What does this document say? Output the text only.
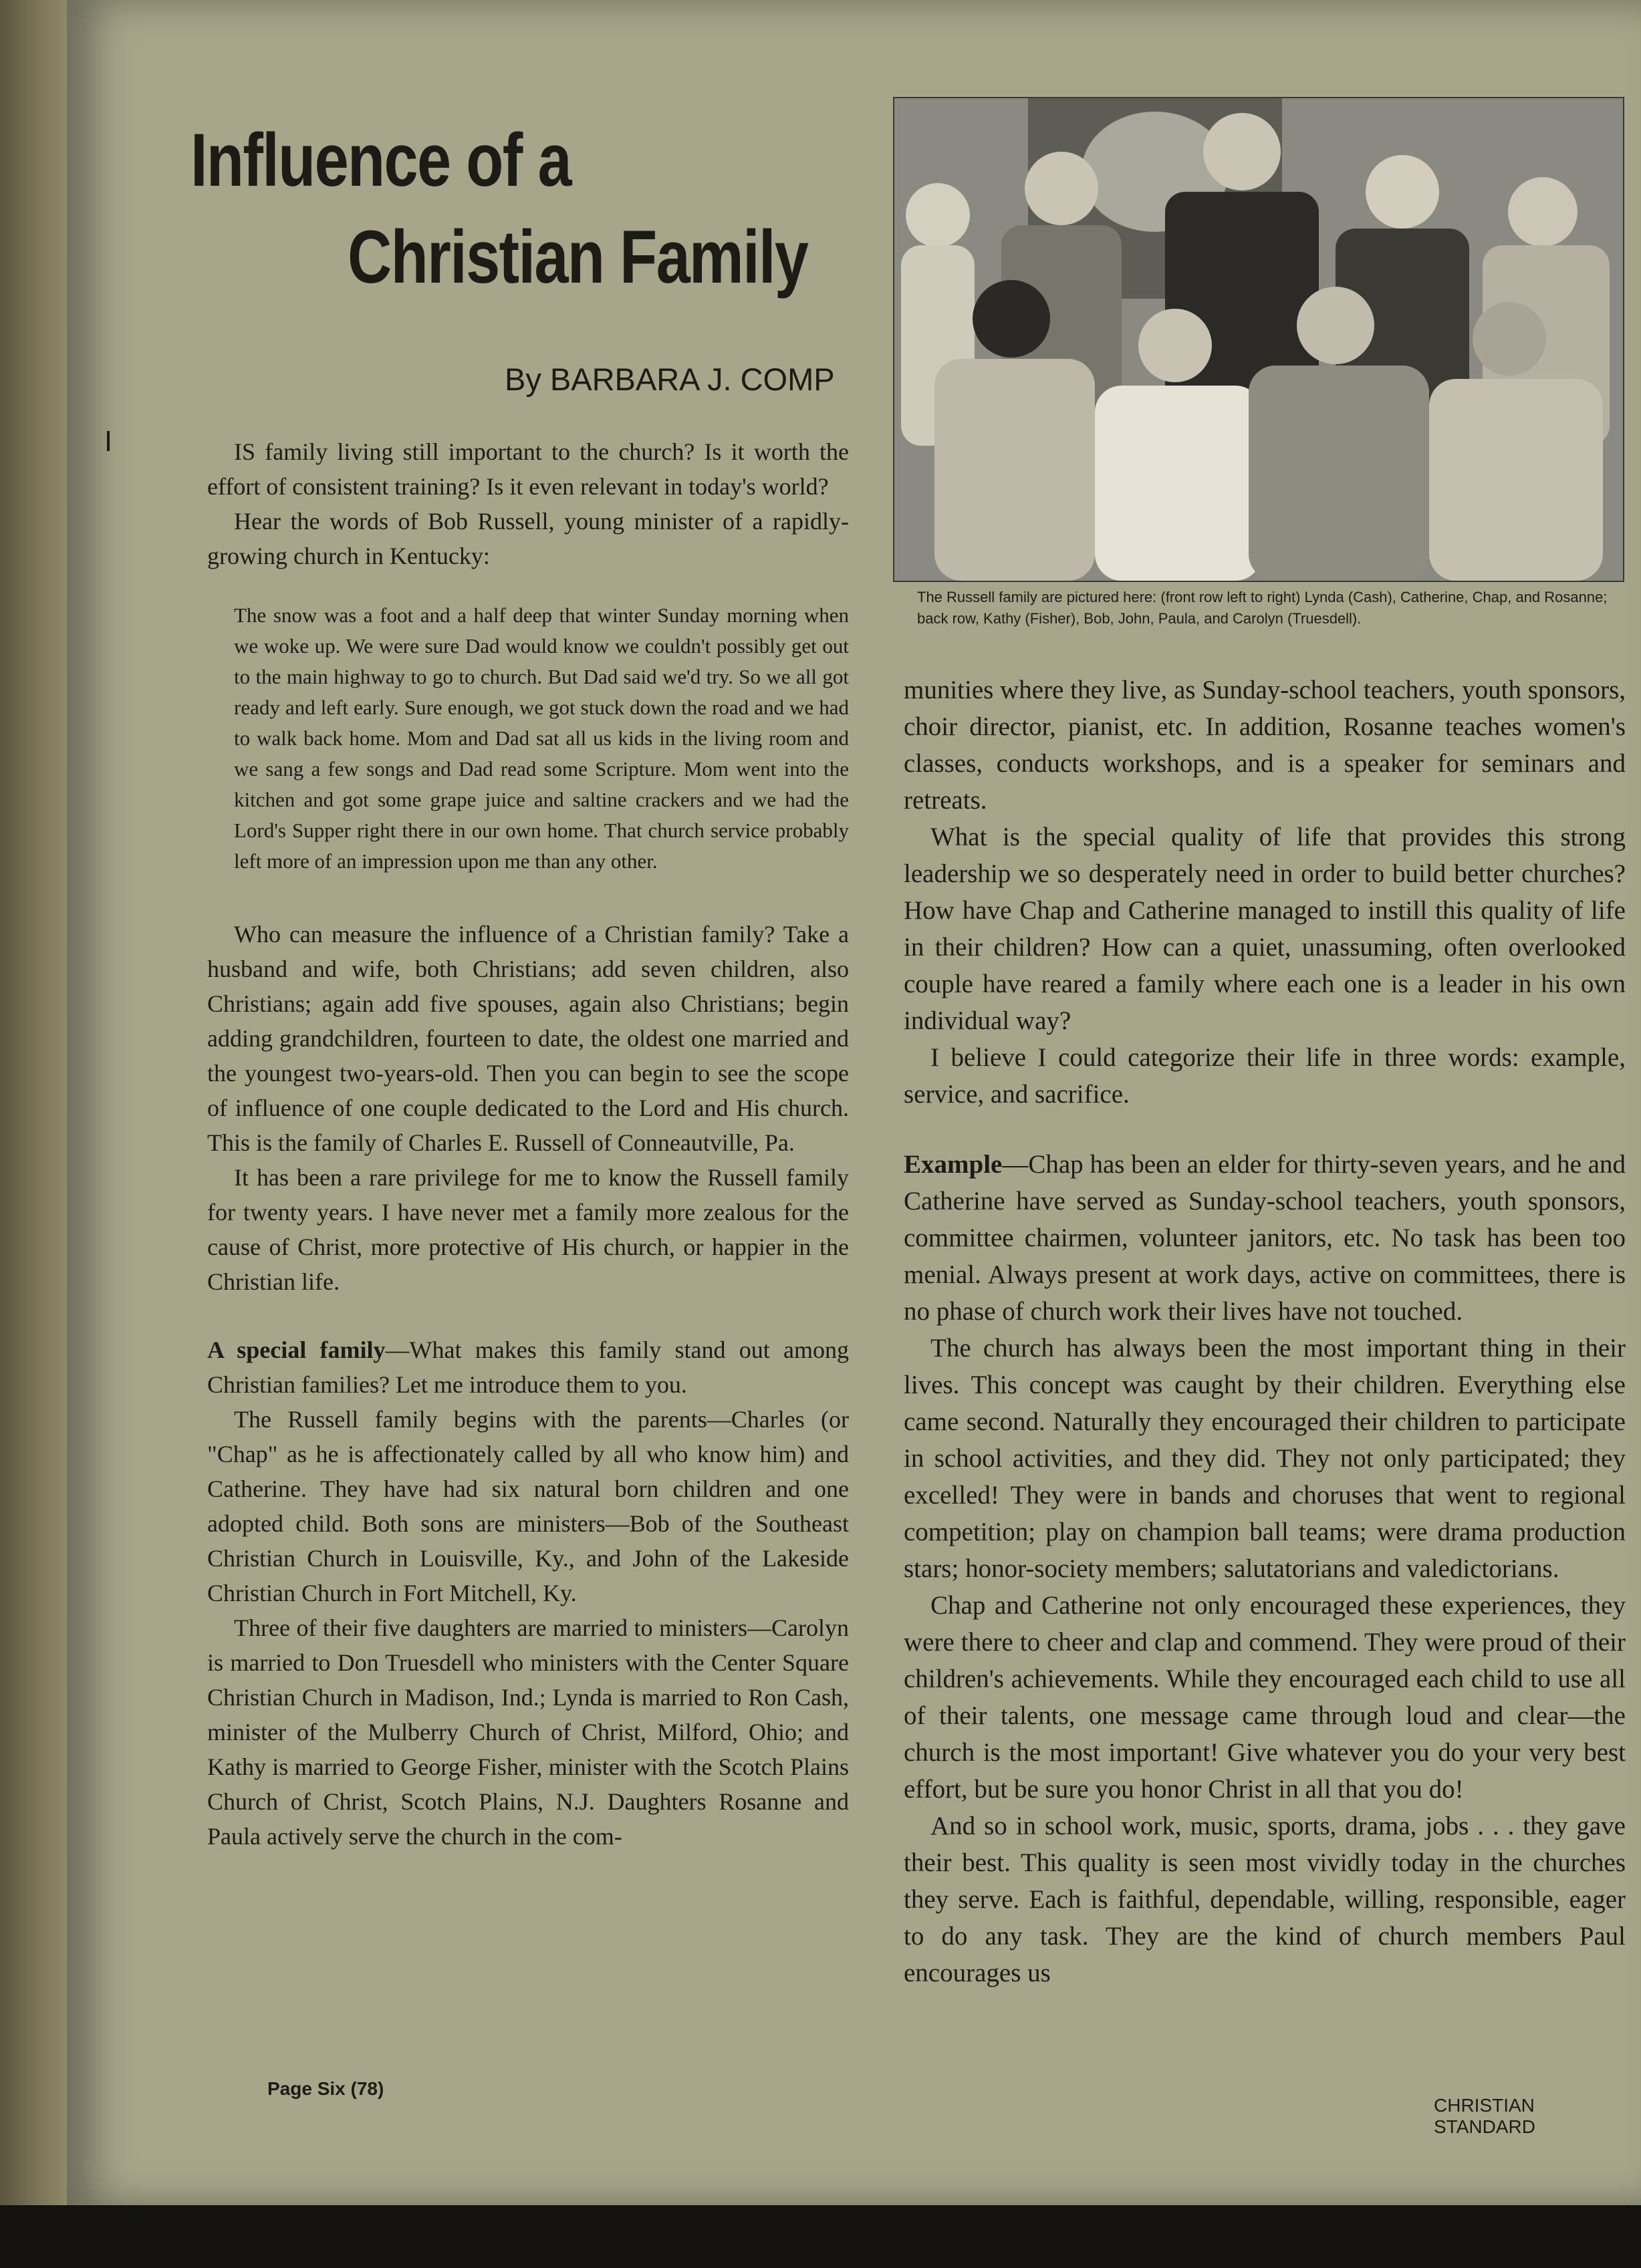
Influence of a
Christian Family
By BARBARA J. COMP

IS family living still important to the church? Is it worth the effort of consistent training? Is it even relevant in today's world?

Hear the words of Bob Russell, young minister of a rapidly-growing church in Kentucky:

The snow was a foot and a half deep that winter Sunday morning when we woke up. We were sure Dad would know we couldn't possibly get out to the main highway to go to church. But Dad said we'd try. So we all got ready and left early. Sure enough, we got stuck down the road and we had to walk back home. Mom and Dad sat all us kids in the living room and we sang a few songs and Dad read some Scripture. Mom went into the kitchen and got some grape juice and saltine crackers and we had the Lord's Supper right there in our own home. That church service probably left more of an impression upon me than any other.

Who can measure the influence of a Christian family? Take a husband and wife, both Christians; add seven children, also Christians; again add five spouses, again also Christians; begin adding grandchildren, fourteen to date, the oldest one married and the youngest two-years-old. Then you can begin to see the scope of influence of one couple dedicated to the Lord and His church. This is the family of Charles E. Russell of Conneautville, Pa.

It has been a rare privilege for me to know the Russell family for twenty years. I have never met a family more zealous for the cause of Christ, more protective of His church, or happier in the Christian life.

A special family—What makes this family stand out among Christian families? Let me introduce them to you.

The Russell family begins with the parents—Charles (or "Chap" as he is affectionately called by all who know him) and Catherine. They have had six natural born children and one adopted child. Both sons are ministers—Bob of the Southeast Christian Church in Louisville, Ky., and John of the Lakeside Christian Church in Fort Mitchell, Ky.

Three of their five daughters are married to ministers—Carolyn is married to Don Truesdell who ministers with the Center Square Christian Church in Madison, Ind.; Lynda is married to Ron Cash, minister of the Mulberry Church of Christ, Milford, Ohio; and Kathy is married to George Fisher, minister with the Scotch Plains Church of Christ, Scotch Plains, N.J. Daughters Rosanne and Paula actively serve the church in the com-

The Russell family are pictured here: (front row left to right) Lynda (Cash), Catherine, Chap, and Rosanne; back row, Kathy (Fisher), Bob, John, Paula, and Carolyn (Truesdell).

munities where they live, as Sunday-school teachers, youth sponsors, choir director, pianist, etc. In addition, Rosanne teaches women's classes, conducts workshops, and is a speaker for seminars and retreats.

What is the special quality of life that provides this strong leadership we so desperately need in order to build better churches? How have Chap and Catherine managed to instill this quality of life in their children? How can a quiet, unassuming, often overlooked couple have reared a family where each one is a leader in his own individual way?

I believe I could categorize their life in three words: example, service, and sacrifice.

Example—Chap has been an elder for thirty-seven years, and he and Catherine have served as Sunday-school teachers, youth sponsors, committee chairmen, volunteer janitors, etc. No task has been too menial. Always present at work days, active on committees, there is no phase of church work their lives have not touched.

The church has always been the most important thing in their lives. This concept was caught by their children. Everything else came second. Naturally they encouraged their children to participate in school activities, and they did. They not only participated; they excelled! They were in bands and choruses that went to regional competition; play on champion ball teams; were drama production stars; honor-society members; salutatorians and valedictorians.

Chap and Catherine not only encouraged these experiences, they were there to cheer and clap and commend. They were proud of their children's achievements. While they encouraged each child to use all of their talents, one message came through loud and clear—the church is the most important! Give whatever you do your very best effort, but be sure you honor Christ in all that you do!

And so in school work, music, sports, drama, jobs . . . they gave their best. This quality is seen most vividly today in the churches they serve. Each is faithful, dependable, willing, responsible, eager to do any task. They are the kind of church members Paul encourages us

Page Six (78)
CHRISTIAN STANDARD
